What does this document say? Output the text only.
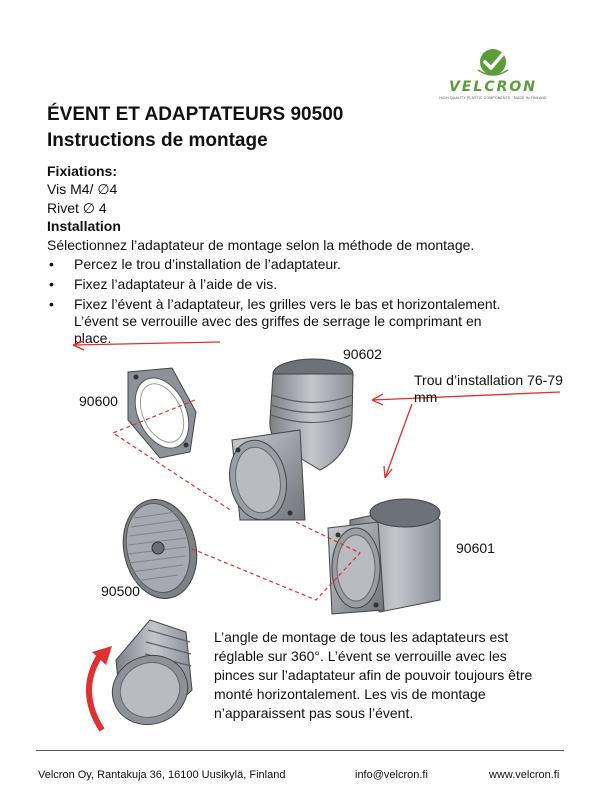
VELCRON
HIGH QUALITY PLASTIC COMPONENTS · MADE IN FINLAND
ÉVENT ET ADAPTATEURS 90500
Instructions de montage
Fixiations:
Vis M4/ ∅4
Rivet ∅ 4
Installation
Sélectionnez l’adaptateur de montage selon la méthode de montage.
• Percez le trou d’installation de l’adaptateur.
• Fixez l’adaptateur à l’aide de vis.
• Fixez l’évent à l’adaptateur, les grilles vers le bas et horizontalement. L’évent se verrouille avec des griffes de serrage le comprimant en place.
90602
90600
90601
90500
Trou d’installation 76-79 mm
L’angle de montage de tous les adaptateurs est réglable sur 360°. L’évent se verrouille avec les pinces sur l’adaptateur afin de pouvoir toujours être monté horizontalement. Les vis de montage n’apparaissent pas sous l’évent.
Velcron Oy, Rantakuja 36, 16100 Uusikylä, Finland	info@velcron.fi	www.velcron.fi
